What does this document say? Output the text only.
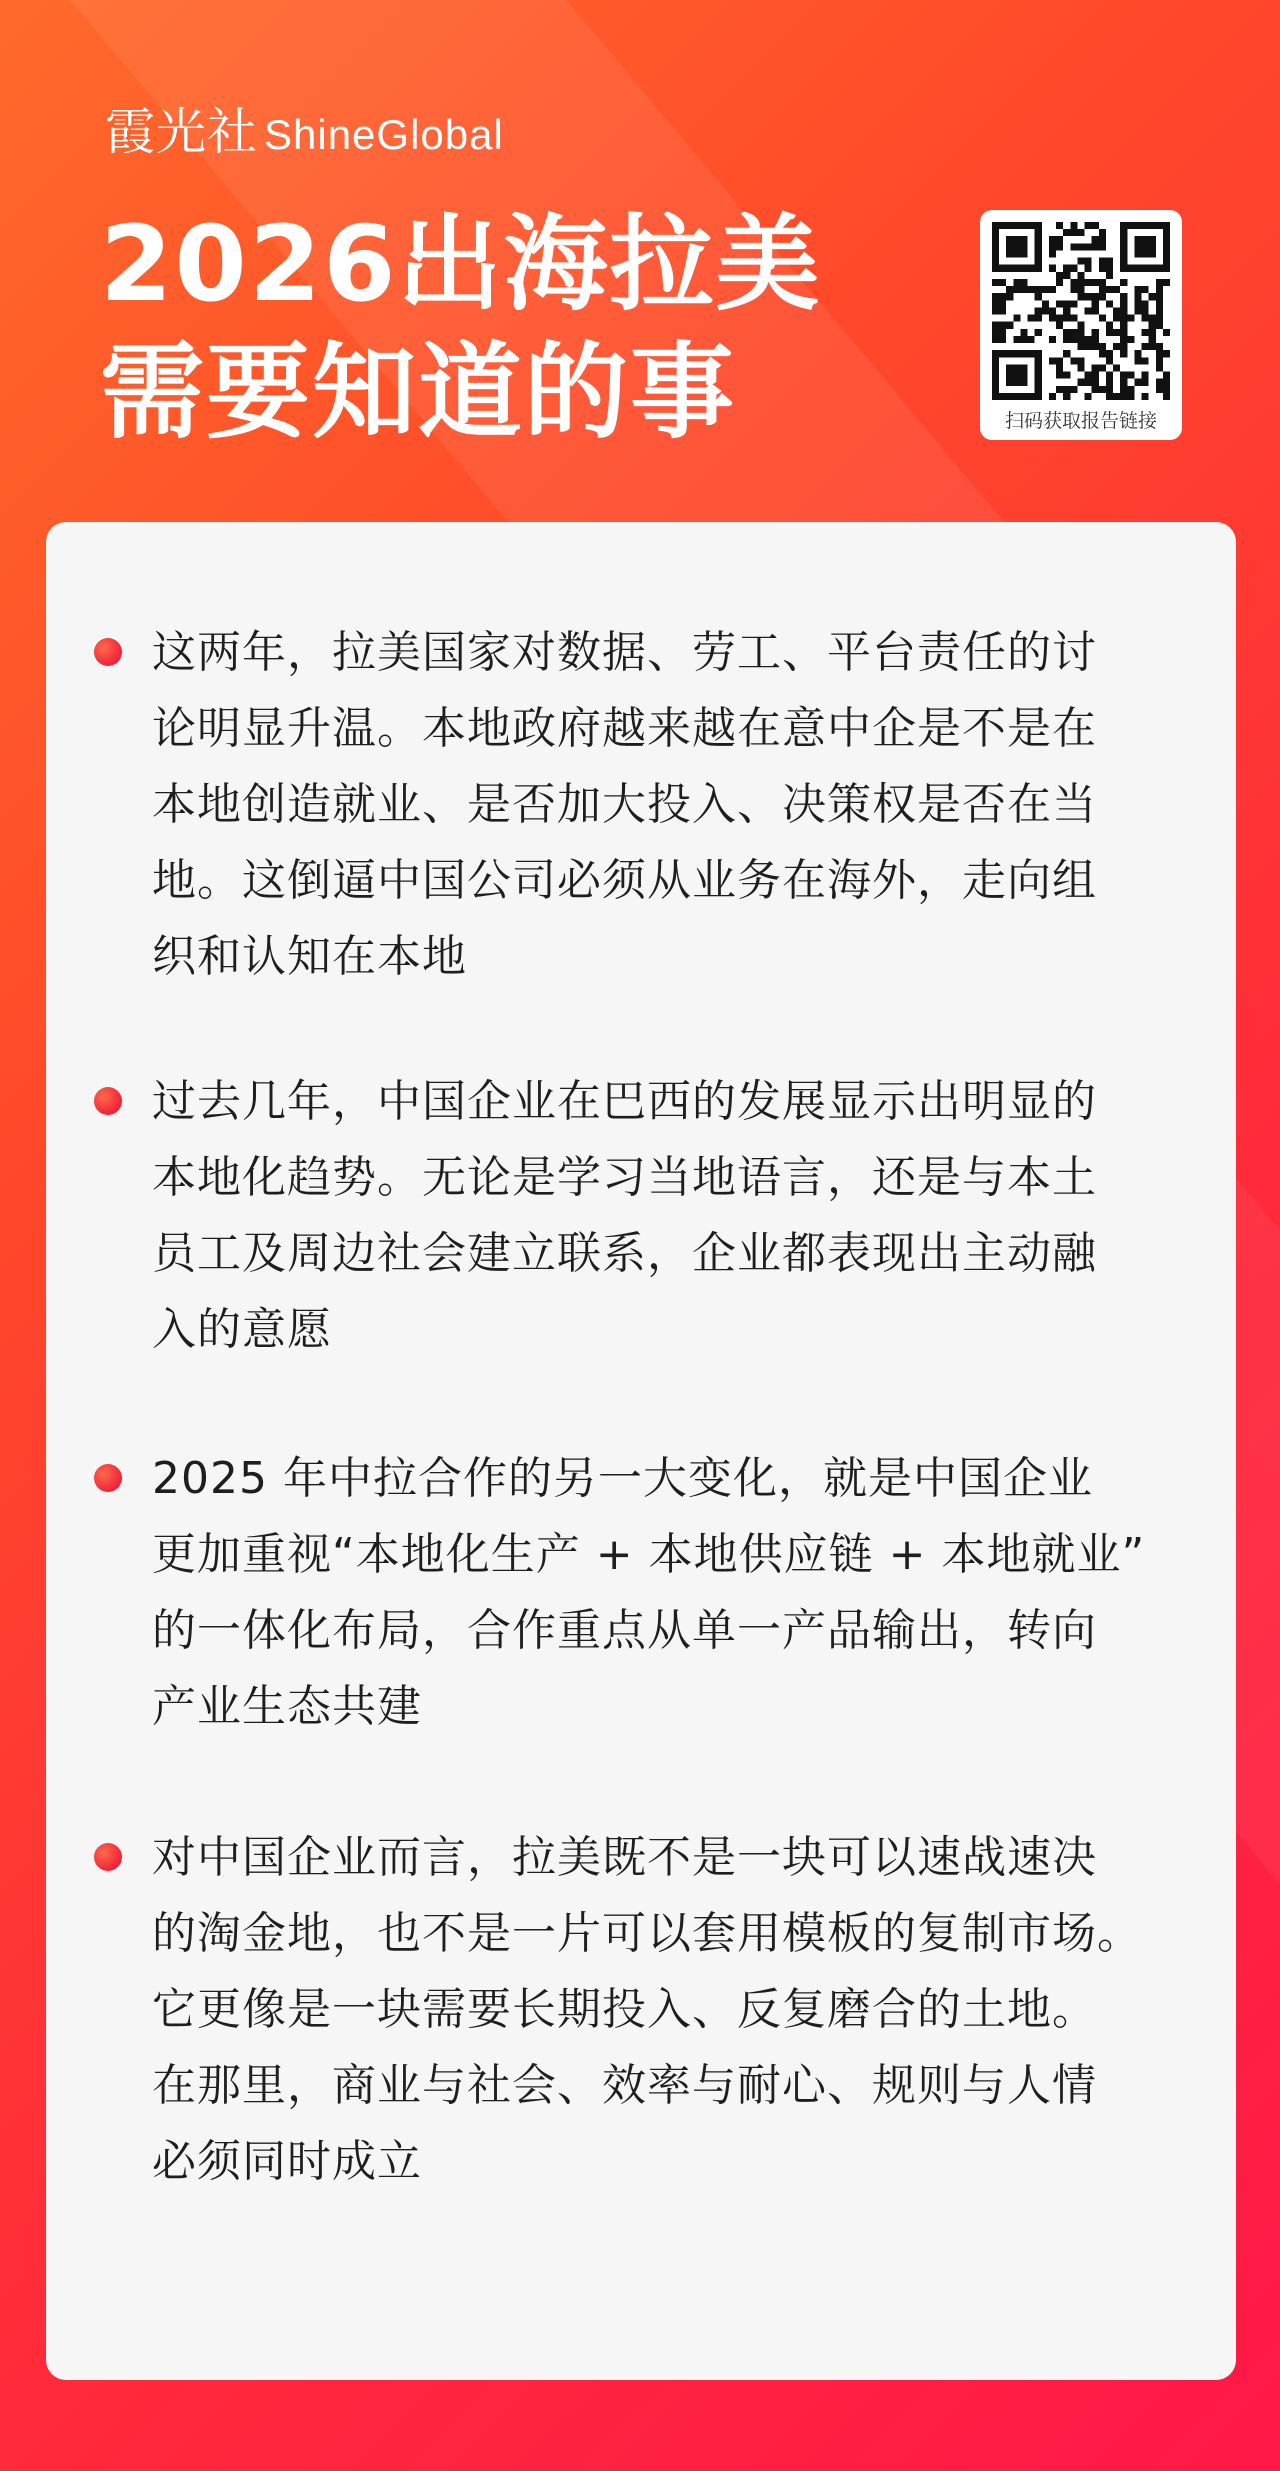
霞光社 ShineGlobal
2026出海拉美
需要知道的事	扫码获取报告链接
这两年，拉美国家对数据、劳工、平台责任的讨
论明显升温。本地政府越来越在意中企是不是在
本地创造就业、是否加大投入、决策权是否在当
地。这倒逼中国公司必须从业务在海外，走向组
织和认知在本地
过去几年，中国企业在巴西的发展显示出明显的
本地化趋势。无论是学习当地语言，还是与本土
员工及周边社会建立联系，企业都表现出主动融
入的意愿
2025 年中拉合作的另一大变化，就是中国企业
更加重视“本地化生产 + 本地供应链 + 本地就业”
的一体化布局，合作重点从单一产品输出，转向
产业生态共建
对中国企业而言，拉美既不是一块可以速战速决
的淘金地，也不是一片可以套用模板的复制市场。
它更像是一块需要长期投入、反复磨合的土地。
在那里，商业与社会、效率与耐心、规则与人情
必须同时成立
